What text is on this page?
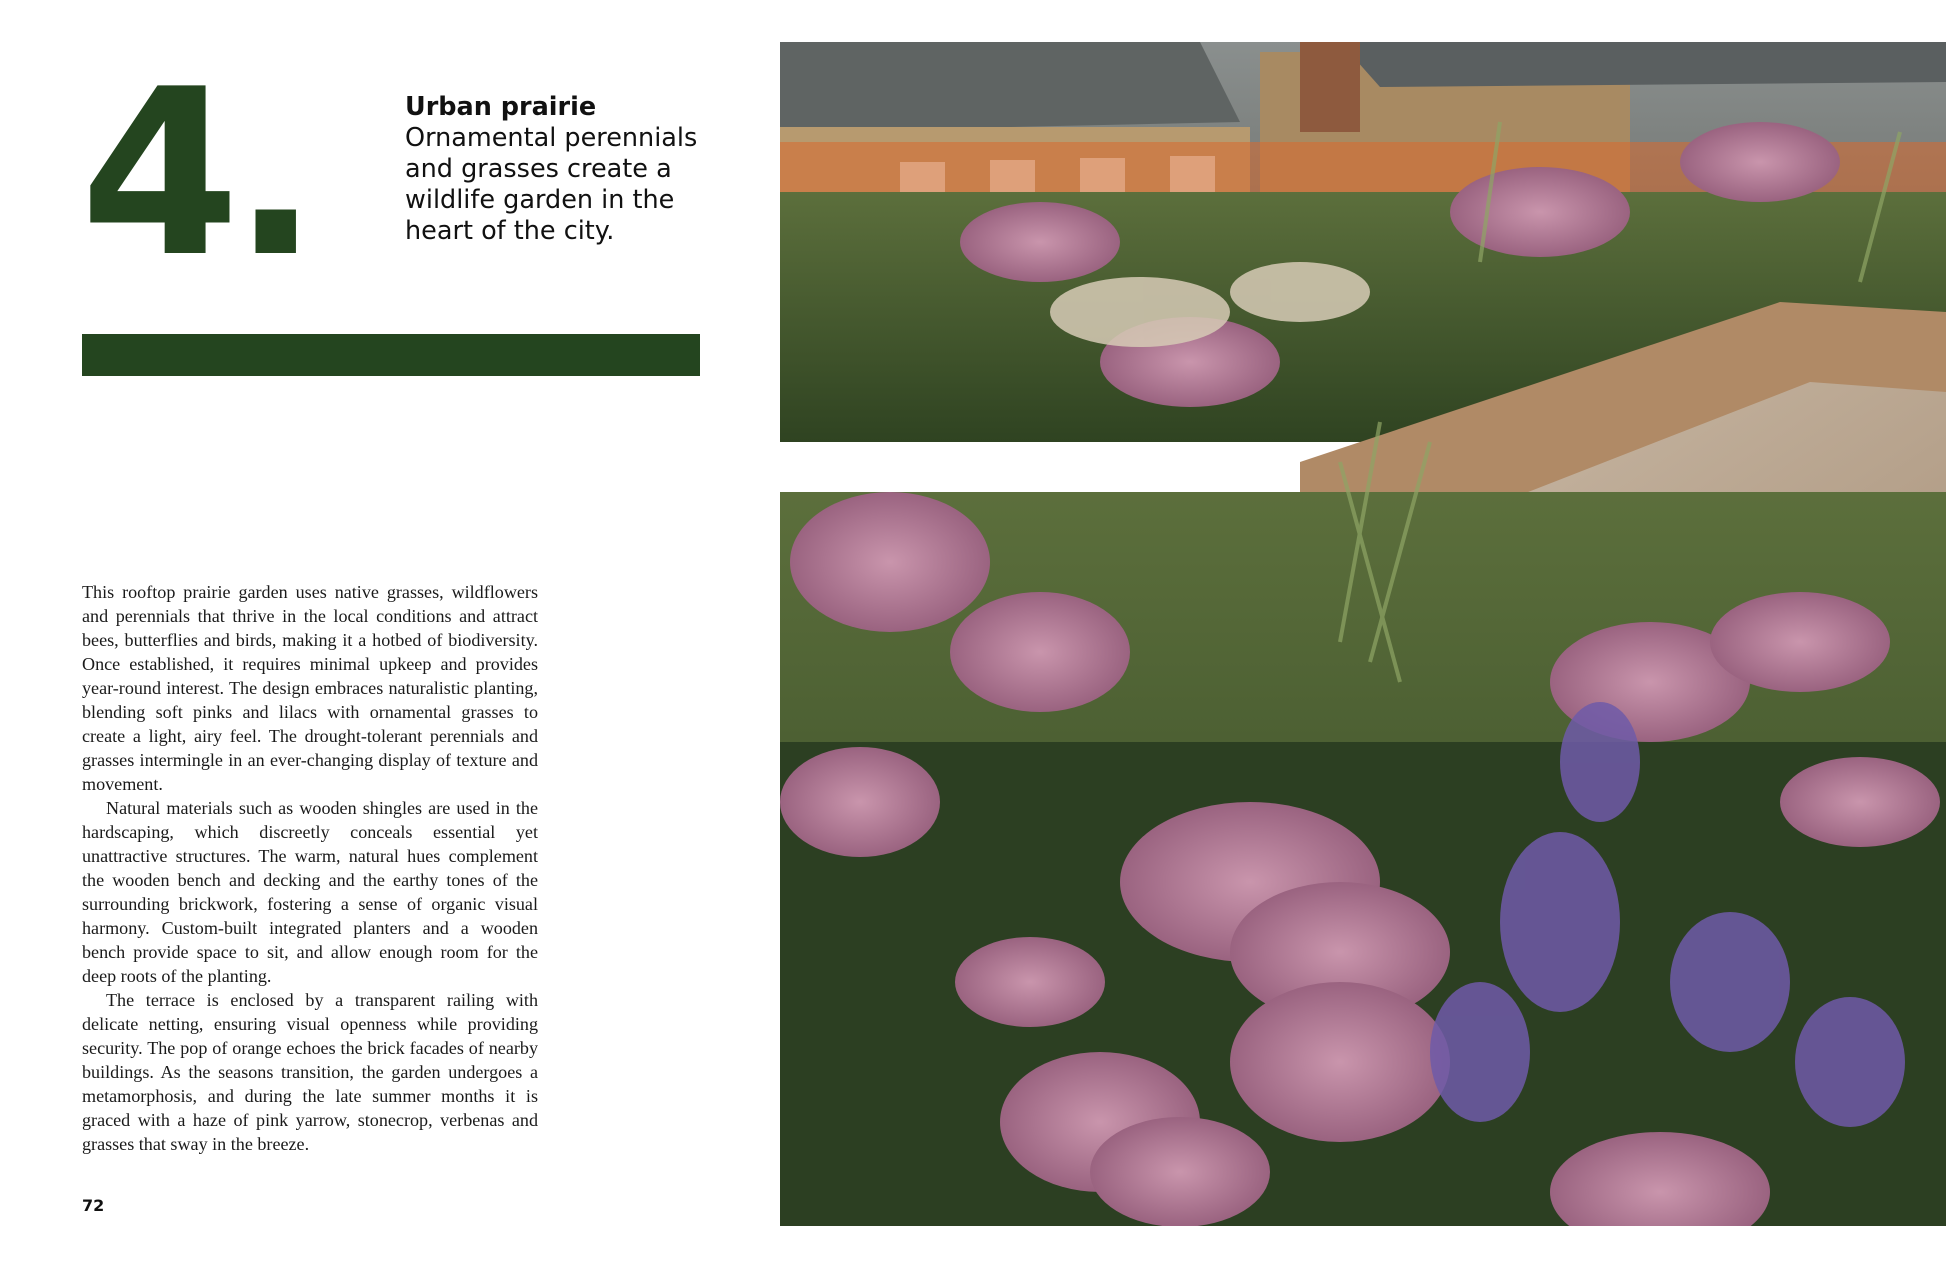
4.	Urban prairie
Ornamental perennials and grasses create a wildlife garden in the heart of the city.

This rooftop prairie garden uses native grasses, wildflowers and perennials that thrive in the local conditions and attract bees, butterflies and birds, making it a hotbed of biodiversity. Once established, it requires minimal upkeep and provides year-round interest. The design embraces naturalistic planting, blending soft pinks and lilacs with ornamental grasses to create a light, airy feel. The drought-tolerant perennials and grasses intermingle in an ever-changing display of texture and movement.

Natural materials such as wooden shingles are used in the hardscaping, which discreetly conceals essential yet unattractive structures. The warm, natural hues complement the wooden bench and decking and the earthy tones of the surrounding brickwork, fostering a sense of organic visual harmony. Custom-built integrated planters and a wooden bench provide space to sit, and allow enough room for the deep roots of the planting.

The terrace is enclosed by a transparent railing with delicate netting, ensuring visual openness while providing security. The pop of orange echoes the brick facades of nearby buildings. As the seasons transition, the garden undergoes a metamorphosis, and during the late summer months it is graced with a haze of pink yarrow, stonecrop, verbenas and grasses that sway in the breeze.

72
